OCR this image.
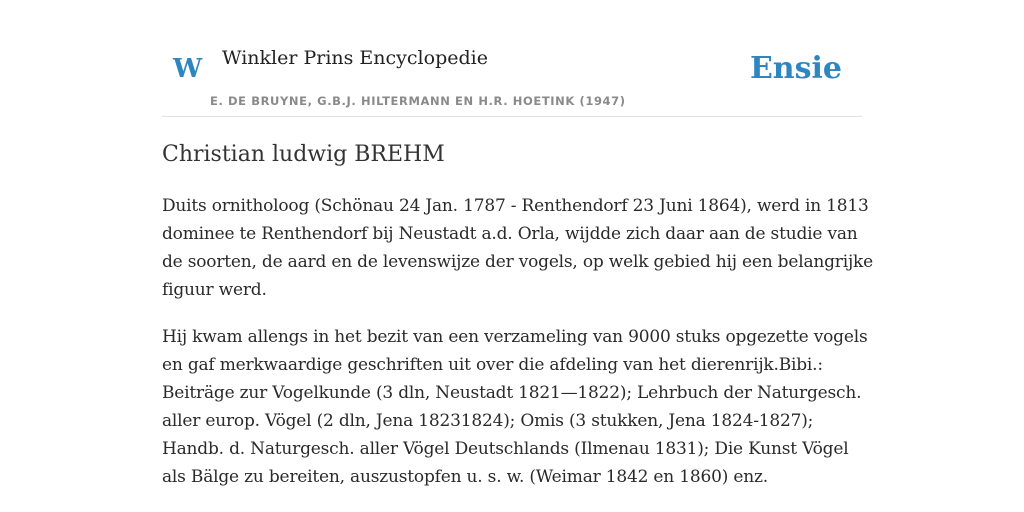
W Winkler Prins Encyclopedie
E. DE BRUYNE, G.B.J. HILTERMANN EN H.R. HOETINK (1947)
Ensie
Christian ludwig BREHM

Duits ornitholoog (Schönau 24 Jan. 1787 - Renthendorf 23 Juni 1864), werd in 1813
dominee te Renthendorf bij Neustadt a.d. Orla, wijdde zich daar aan de studie van
de soorten, de aard en de levenswijze der vogels, op welk gebied hij een belangrijke
figuur werd.

Hij kwam allengs in het bezit van een verzameling van 9000 stuks opgezette vogels
en gaf merkwaardige geschriften uit over die afdeling van het dierenrijk.Bibi.:
Beiträge zur Vogelkunde (3 dln, Neustadt 1821—1822); Lehrbuch der Naturgesch.
aller europ. Vögel (2 dln, Jena 18231824); Omis (3 stukken, Jena 1824-1827);
Handb. d. Naturgesch. aller Vögel Deutschlands (Ilmenau 1831); Die Kunst Vögel
als Bälge zu bereiten, auszustopfen u. s. w. (Weimar 1842 en 1860) enz.
